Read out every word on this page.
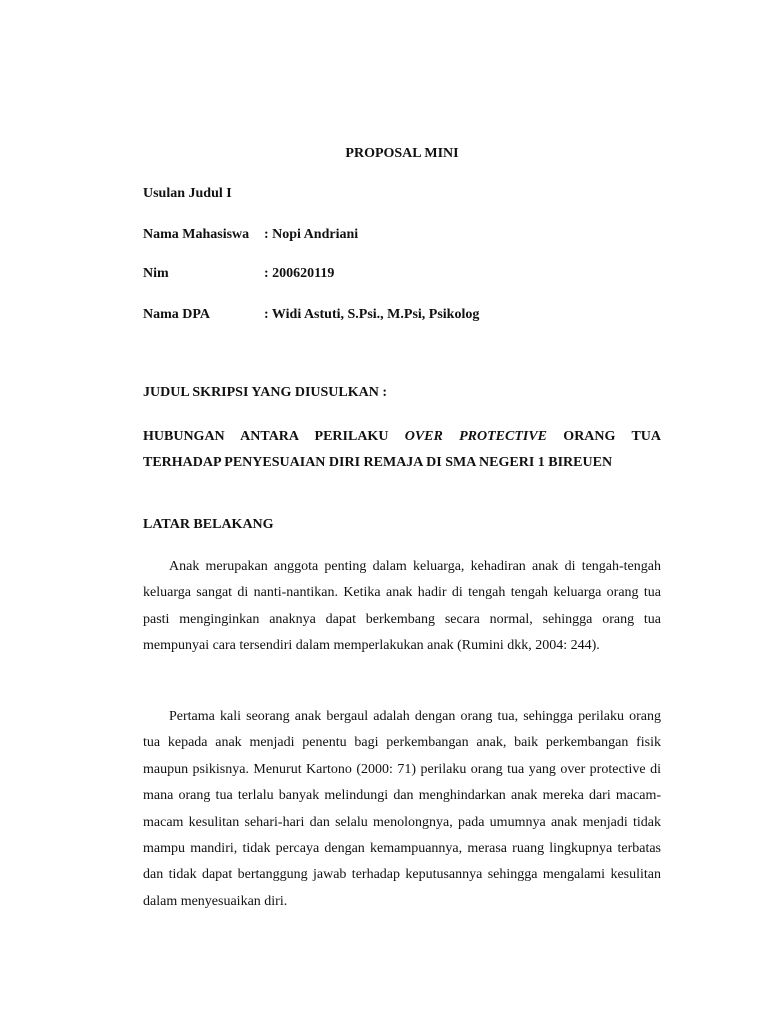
PROPOSAL MINI
Usulan Judul I
Nama Mahasiswa : Nopi Andriani
Nim	: 200620119
Nama DPA	: Widi Astuti, S.Psi., M.Psi, Psikolog
JUDUL SKRIPSI YANG DIUSULKAN :
HUBUNGAN ANTARA PERILAKU OVER PROTECTIVE ORANG TUA
TERHADAP PENYESUAIAN DIRI REMAJA DI SMA NEGERI 1 BIREUEN
LATAR BELAKANG

Anak merupakan anggota penting dalam keluarga, kehadiran anak di tengah-tengah keluarga sangat di nanti-nantikan. Ketika anak hadir di tengah tengah keluarga orang tua pasti menginginkan anaknya dapat berkembang secara normal, sehingga orang tua mempunyai cara tersendiri dalam memperlakukan anak (Rumini dkk, 2004: 244).

Pertama kali seorang anak bergaul adalah dengan orang tua, sehingga perilaku orang tua kepada anak menjadi penentu bagi perkembangan anak, baik perkembangan fisik maupun psikisnya. Menurut Kartono (2000: 71) perilaku orang tua yang over protective di mana orang tua terlalu banyak melindungi dan menghindarkan anak mereka dari macam-macam kesulitan sehari-hari dan selalu menolongnya, pada umumnya anak menjadi tidak mampu mandiri, tidak percaya dengan kemampuannya, merasa ruang lingkupnya terbatas dan tidak dapat bertanggung jawab terhadap keputusannya sehingga mengalami kesulitan dalam menyesuaikan diri.
